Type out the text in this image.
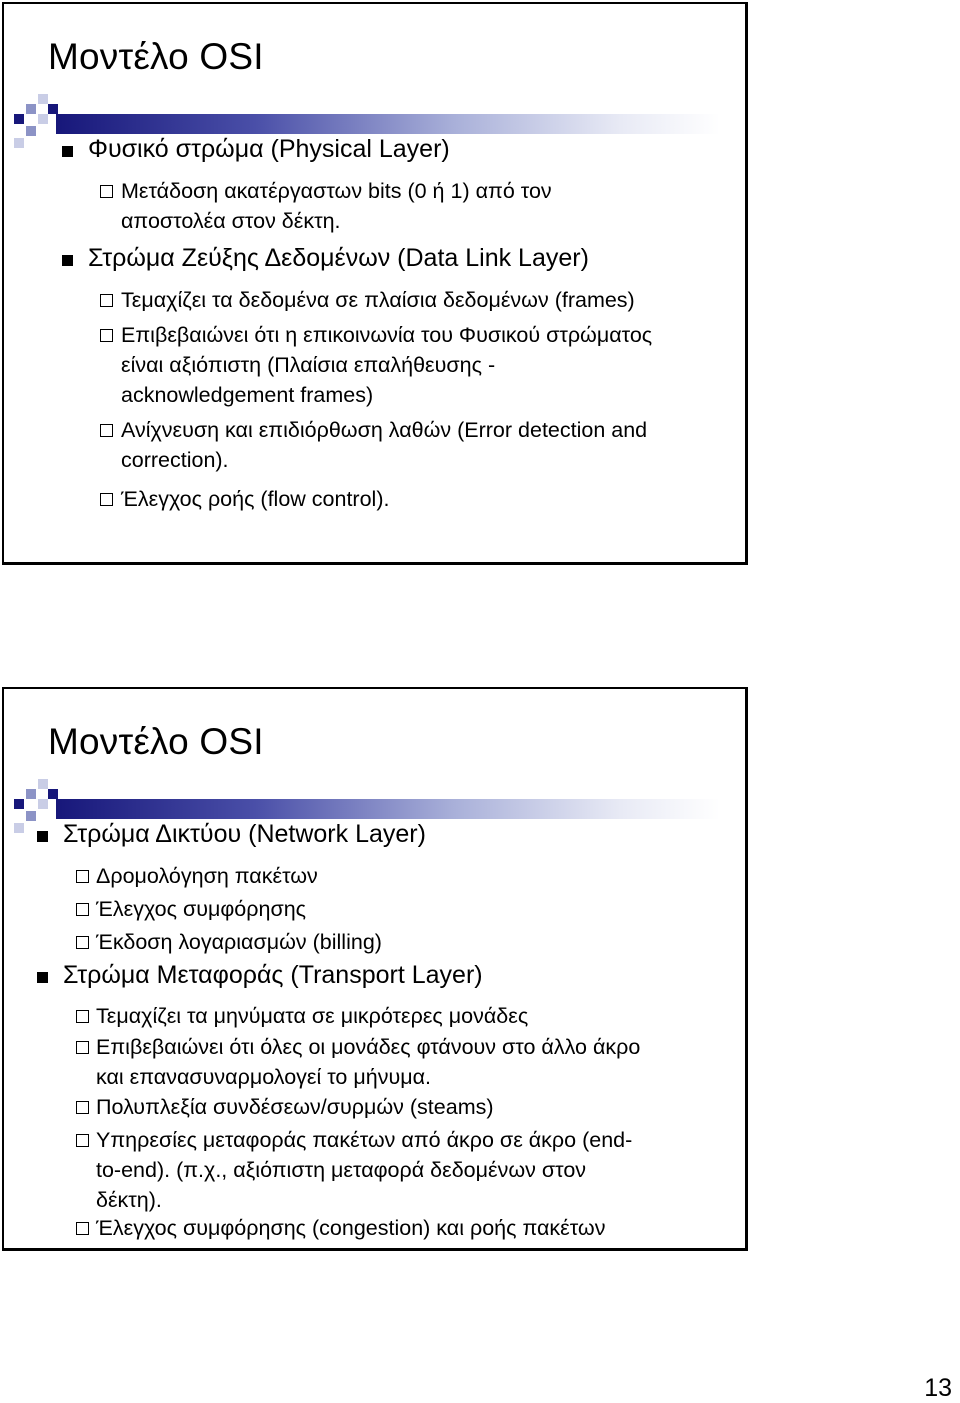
Μοντέλο OSI
Φυσικό στρώμα (Physical Layer)
Μετάδοση ακατέργαστων bits (0 ή 1) από τον
αποστολέα στον δέκτη.
Στρώμα Ζεύξης Δεδομένων (Data Link Layer)
Τεμαχίζει τα δεδομένα σε πλαίσια δεδομένων (frames)
Επιβεβαιώνει ότι η επικοινωνία του Φυσικού στρώματος
είναι αξιόπιστη (Πλαίσια επαλήθευσης -
acknowledgement frames)
Ανίχνευση και επιδιόρθωση λαθών (Error detection and
correction).
Έλεγχος ροής (flow control).
Μοντέλο OSI
Στρώμα Δικτύου (Network Layer)
Δρομολόγηση πακέτων
Έλεγχος συμφόρησης
Έκδοση λογαριασμών (billing)
Στρώμα Μεταφοράς (Transport Layer)
Τεμαχίζει τα μηνύματα σε μικρότερες μονάδες
Επιβεβαιώνει ότι όλες οι μονάδες φτάνουν στο άλλο άκρο
και επανασυναρμολογεί το μήνυμα.
Πολυπλεξία συνδέσεων/συρμών (steams)
Υπηρεσίες μεταφοράς πακέτων από άκρο σε άκρο (end-
to-end). (π.χ., αξιόπιστη μεταφορά δεδομένων στον
δέκτη).
Έλεγχος συμφόρησης (congestion) και ροής πακέτων
13
